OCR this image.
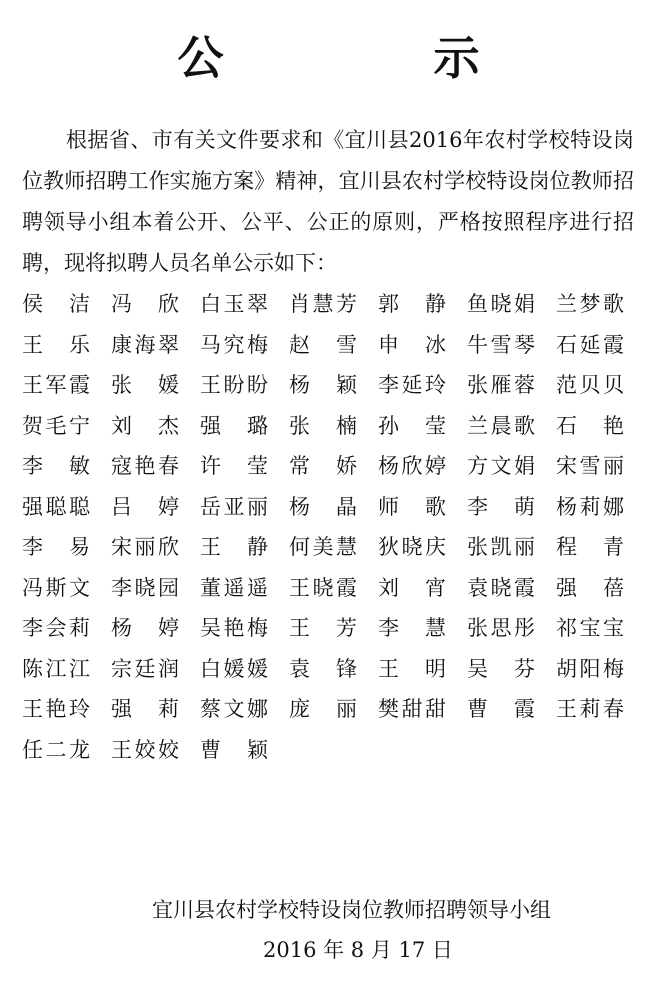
公　示
根据省、市有关文件要求和《宜川县2016年农村学校特设岗位教师招聘工作实施方案》精神，宜川县农村学校特设岗位教师招聘领导小组本着公开、公平、公正的原则，严格按照程序进行招聘，现将拟聘人员名单公示如下：
侯 洁 冯 欣 白 玉 翠 肖 慧 芳 郭 静 鱼 晓 娟 兰 梦 歌
王 乐 康 海 翠 马 究 梅 赵 雪 申 冰 牛 雪 琴 石 延 霞
王 军 霞 张 媛 王 盼 盼 杨 颖 李 延 玲 张 雁 蓉 范 贝 贝
贺 毛 宁 刘 杰 强 璐 张 楠 孙 莹 兰 晨 歌 石 艳
李 敏 寇 艳 春 许 莹 常 娇 杨 欣 婷 方 文 娟 宋 雪 丽
强 聪 聪 吕 婷 岳 亚 丽 杨 晶 师 歌 李 萌 杨 莉 娜
李 易 宋 丽 欣 王 静 何 美 慧 狄 晓 庆 张 凯 丽 程 青
冯 斯 文 李 晓 园 董 遥 遥 王 晓 霞 刘 宵 袁 晓 霞 强 蓓
李 会 莉 杨 婷 吴 艳 梅 王 芳 李 慧 张 思 彤 祁 宝 宝
陈 江 江 宗 廷 润 白 媛 媛 袁 锋 王 明 吴 芬 胡 阳 梅
王 艳 玲 强 莉 蔡 文 娜 庞 丽 樊 甜 甜 曹 霞 王 莉 春
任 二 龙 王 姣 姣 曹 颖
宜川县农村学校特设岗位教师招聘领导小组
2016 年 8 月 17 日
